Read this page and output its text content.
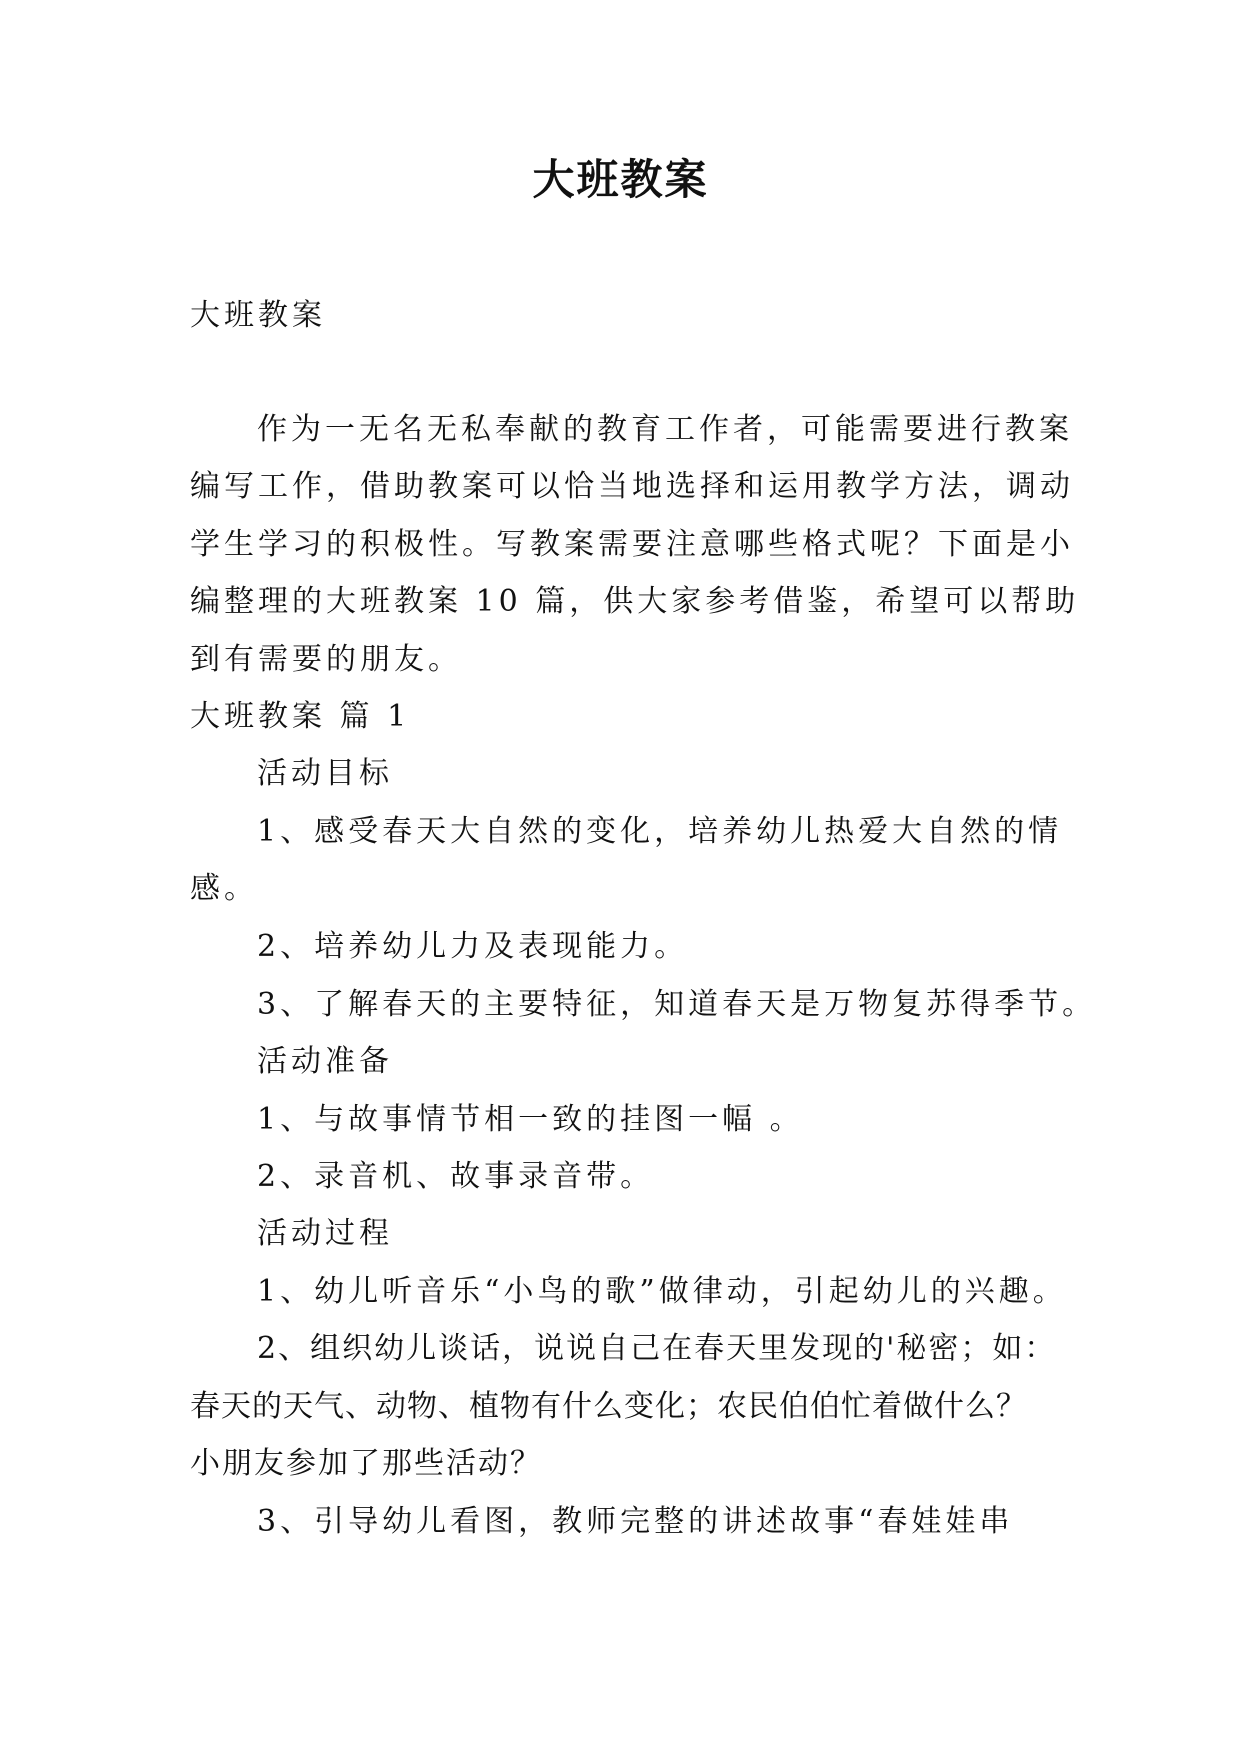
大班教案

大班教案

作为一无名无私奉献的教育工作者，可能需要进行教案

编写工作，借助教案可以恰当地选择和运用教学方法，调动

学生学习的积极性。写教案需要注意哪些格式呢？下面是小

编整理的大班教案 10 篇，供大家参考借鉴，希望可以帮助

到有需要的朋友。

大班教案 篇 1

活动目标

1、感受春天大自然的变化，培养幼儿热爱大自然的情

感。

2、培养幼儿力及表现能力。

3、了解春天的主要特征，知道春天是万物复苏得季节。

活动准备

1、与故事情节相一致的挂图一幅 。

2、录音机、故事录音带。

活动过程

1、幼儿听音乐“小鸟的歌”做律动，引起幼儿的兴趣。

2、组织幼儿谈话，说说自己在春天里发现的'秘密；如：

春天的天气、动物、植物有什么变化；农民伯伯忙着做什么？

小朋友参加了那些活动？

3、引导幼儿看图，教师完整的讲述故事“春娃娃串
